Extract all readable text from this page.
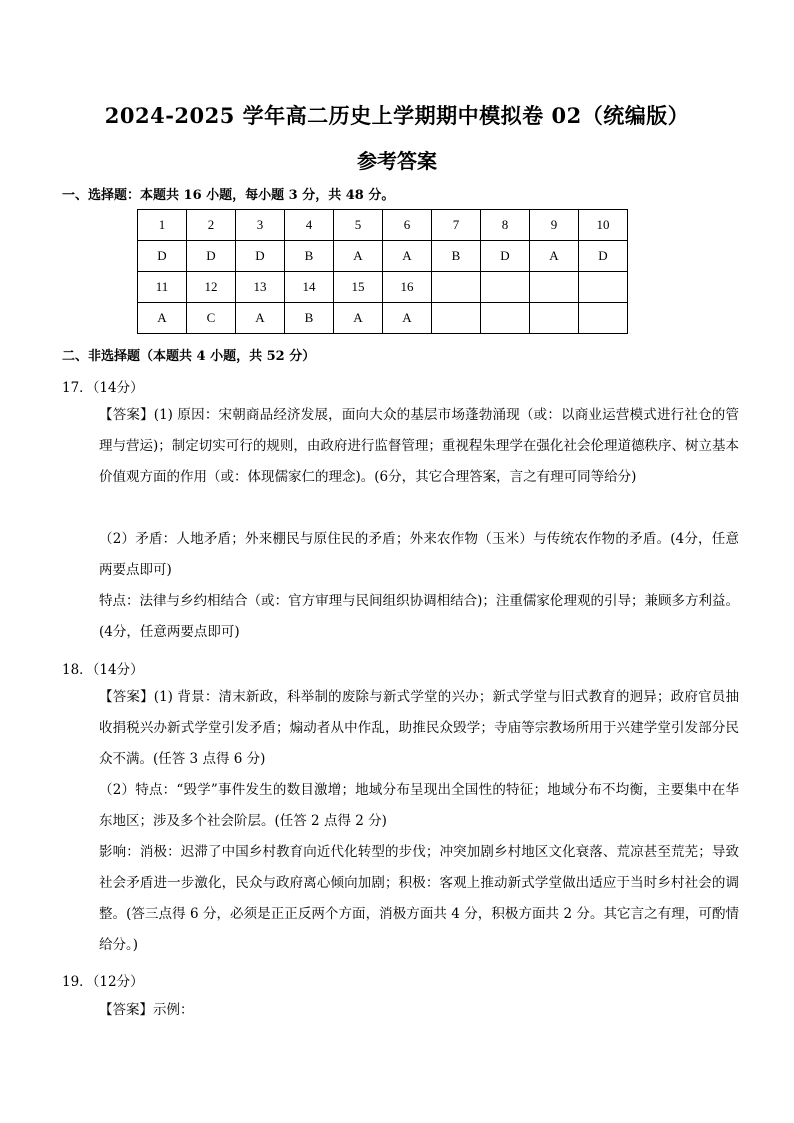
2024-2025 学年高二历史上学期期中模拟卷 02（统编版）
参考答案
一、选择题：本题共 16 小题，每小题 3 分，共 48 分。
1	2	3	4	5	6	7	8	9	10
D	D	D	B	A	A	B	D	A	D
11	12	13	14	15	16				
A	C	A	B	A	A				
二、非选择题（本题共 4 小题，共 52 分）
17．（14分）
【答案】(1) 原因：宋朝商品经济发展，面向大众的基层市场蓬勃涌现（或：以商业运营模式进行社仓的管理与营运)；制定切实可行的规则，由政府进行监督管理；重视程朱理学在强化社会伦理道德秩序、树立基本价值观方面的作用（或：体现儒家仁的理念)。(6分，其它合理答案，言之有理可同等给分)
（2）矛盾：人地矛盾；外来棚民与原住民的矛盾；外来农作物（玉米）与传统农作物的矛盾。(4分，任意两要点即可)
特点：法律与乡约相结合（或：官方审理与民间组织协调相结合)；注重儒家伦理观的引导；兼顾多方利益。(4分，任意两要点即可)
18．（14分）
【答案】(1) 背景：清末新政，科举制的废除与新式学堂的兴办；新式学堂与旧式教育的迥异；政府官员抽收捐税兴办新式学堂引发矛盾；煽动者从中作乱，助推民众毁学；寺庙等宗教场所用于兴建学堂引发部分民众不满。(任答 3 点得 6 分)
（2）特点：“毁学”事件发生的数目激增；地域分布呈现出全国性的特征；地域分布不均衡，主要集中在华东地区；涉及多个社会阶层。(任答 2 点得 2 分)
影响：消极：迟滞了中国乡村教育向近代化转型的步伐；冲突加剧乡村地区文化衰落、荒凉甚至荒芜；导致社会矛盾进一步激化，民众与政府离心倾向加剧；积极：客观上推动新式学堂做出适应于当时乡村社会的调整。(答三点得 6 分，必须是正正反两个方面，消极方面共 4 分，积极方面共 2 分。其它言之有理，可酌情给分。)
19．（12分）
【答案】示例：
